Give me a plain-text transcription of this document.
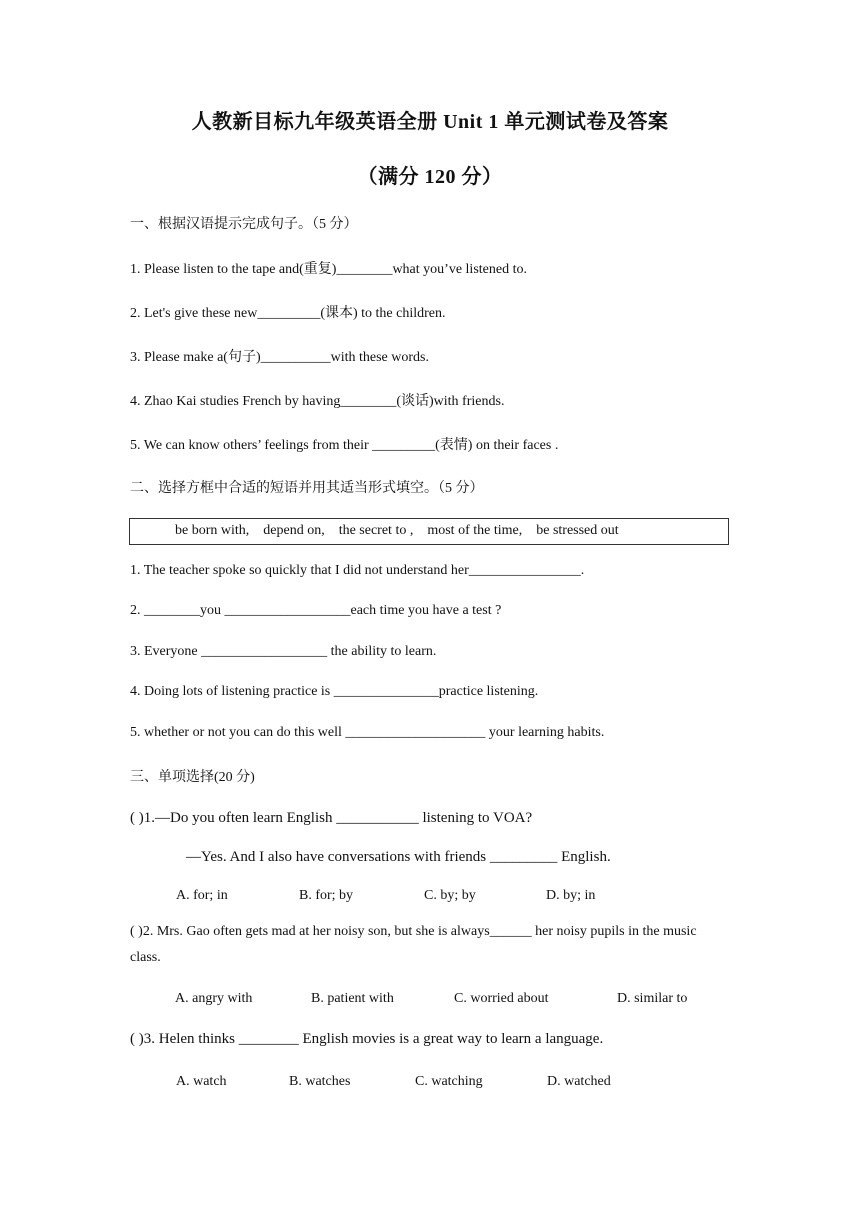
人教新目标九年级英语全册 Unit 1 单元测试卷及答案
（满分 120 分）
一、根据汉语提示完成句子。（5 分）
1. Please listen to the tape and(重复)________what you’ve listened to.
2. Let's give these new_________(课本) to the children.
3. Please make a(句子)__________with these words.
4. Zhao Kai studies French by having________(谈话)with friends.
5. We can know others’ feelings from their _________(表情) on their faces .
二、选择方框中合适的短语并用其适当形式填空。（5 分）
be born with, depend on, the secret to , most of the time, be stressed out
1. The teacher spoke so quickly that I did not understand her________________.
2. ________you __________________each time you have a test ?
3. Everyone __________________ the ability to learn.
4. Doing lots of listening practice is _______________practice listening.
5. whether or not you can do this well ____________________ your learning habits.
三、单项选择(20 分)
( )1.—Do you often learn English ___________ listening to VOA?
—Yes. And I also have conversations with friends _________ English.
A. for; in	B. for; by	C. by; by	D. by; in
( )2. Mrs. Gao often gets mad at her noisy son, but she is always______ her noisy pupils in the music class.
A. angry with	B. patient with	C. worried about	D. similar to
( )3. Helen thinks ________ English movies is a great way to learn a language.
A. watch	B. watches	C. watching	D. watched
